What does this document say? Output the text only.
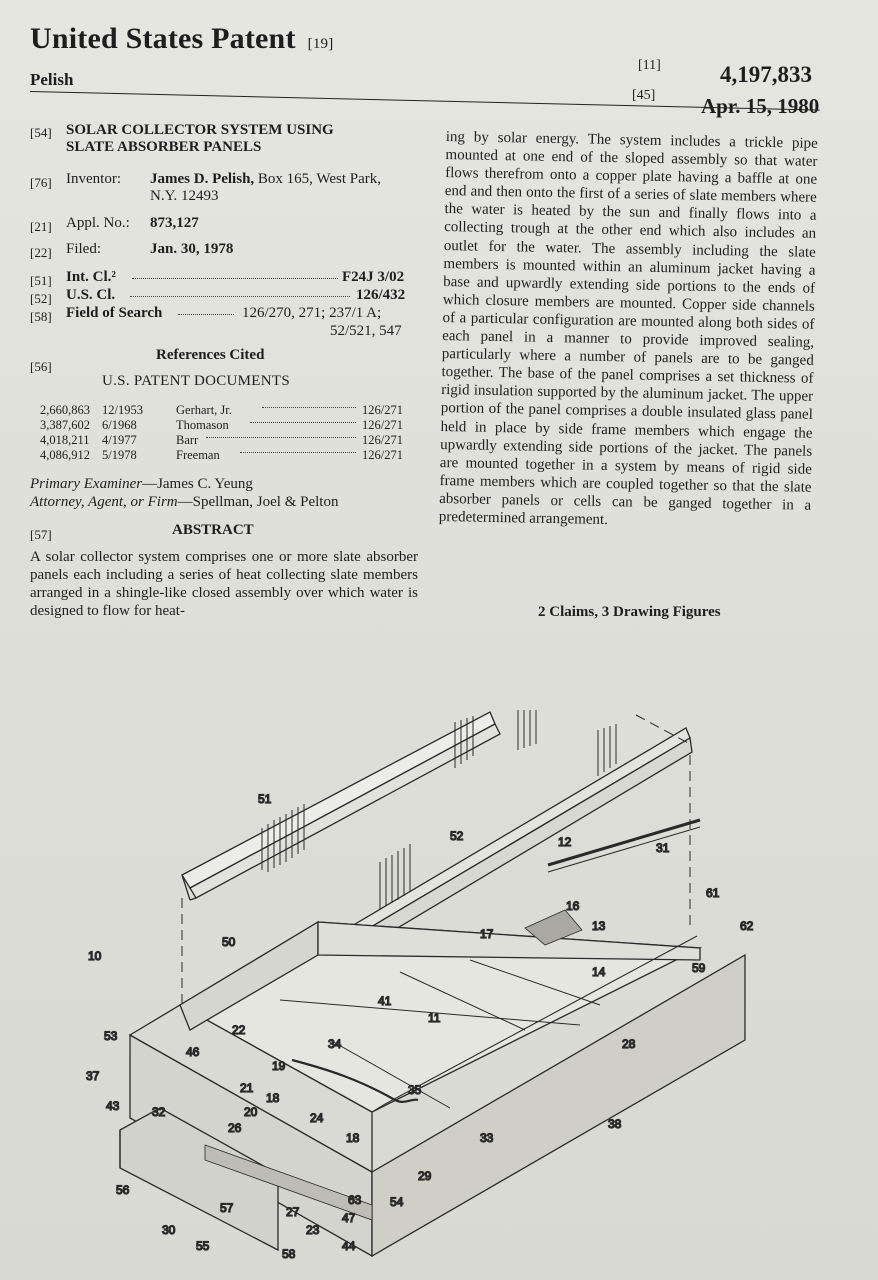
United States Patent [19]
Pelish
[11]	4,197,833
[45] Apr. 15, 1980
[54] SOLAR COLLECTOR SYSTEM USING
SLATE ABSORBER PANELS
[76] Inventor: James D. Pelish, Box 165, West Park,
N.Y. 12493
[21] Appl. No.: 873,127
[22] Filed:	Jan. 30, 1978
[51] Int. Cl.²	F24J 3/02
[52] U.S. Cl.	126/432
[58] Field of Search	126/270, 271; 237/1 A;
52/521, 547
[56]
References Cited
U.S. PATENT DOCUMENTS
2,660,863 12/1953	Gerhart, Jr.	126/271
3,387,602 6/1968	Thomason	126/271
4,018,211 4/1977	Barr	126/271
4,086,912 5/1978	Freeman	126/271
Primary Examiner—James C. Yeung
Attorney, Agent, or Firm—Spellman, Joel & Pelton
[57]	ABSTRACT
A solar collector system comprises one or more slate absorber panels each including a series of heat collecting slate members arranged in a shingle-like closed assembly over which water is designed to flow for heat-
ing by solar energy. The system includes a trickle pipe mounted at one end of the sloped assembly so that water flows therefrom onto a copper plate having a baffle at one end and then onto the first of a series of slate members where the water is heated by the sun and finally flows into a collecting trough at the other end which also includes an outlet for the water. The assembly including the slate members is mounted within an aluminum jacket having a base and upwardly extending side portions to the ends of which closure members are mounted. Copper side channels of a particular configuration are mounted along both sides of each panel in a manner to provide improved sealing, particularly where a number of panels are to be ganged together. The base of the panel comprises a set thickness of rigid insulation supported by the aluminum jacket. The upper portion of the panel comprises a double insulated glass panel held in place by side frame members which engage the upwardly extending side portions of the jacket. The panels are mounted together in a system by means of rigid side frame members which are coupled together so that the slate absorber panels or cells can be ganged together in a predetermined arrangement.
2 Claims, 3 Drawing Figures
51
52	12	31
61
62
16
13
17
50
10
14	59
41
11
28
53	22
46
34
37
19
21
18
35
43	32	20	24
26
18	33
38
29
56
63 54
57
47
27
30	23
44
55
58
